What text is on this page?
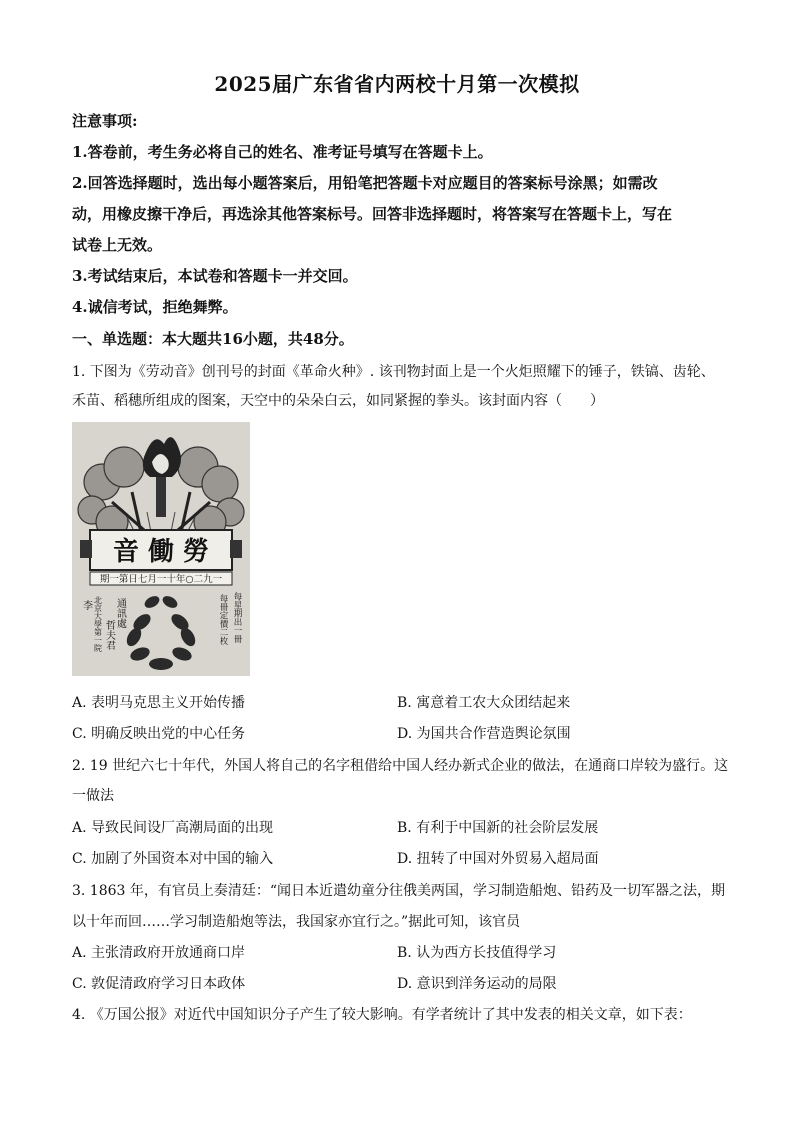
2025届广东省省内两校十月第一次模拟
注意事项:
1.答卷前，考生务必将自己的姓名、准考证号填写在答题卡上。
2.回答选择题时，选出每小题答案后，用铅笔把答题卡对应题目的答案标号涂黑；如需改
动，用橡皮擦干净后，再选涂其他答案标号。回答非选择题时，将答案写在答题卡上，写在
试卷上无效。
3.考试结束后，本试卷和答题卡一并交回。
4.诚信考试，拒绝舞弊。
一、单选题：本大题共16小题，共48分。
1. 下图为《劳动音》创刊号的封面《革命火种》. 该刊物封面上是一个火炬照耀下的锤子，铁镐、齿轮、
禾苗、稻穗所组成的图案，天空中的朵朵白云，如同紧握的拳头。该封面内容（　　）
音 働 勞
期一第日七月一十年○二九一
李 通訊處
北京大學第一院 哲夫君	每星期出一冊
每冊定價二枚
A. 表明马克思主义开始传播	B. 寓意着工农大众团结起来
C. 明确反映出党的中心任务	D. 为国共合作营造舆论氛围
2. 19 世纪六七十年代，外国人将自己的名字租借给中国人经办新式企业的做法，在通商口岸较为盛行。这
一做法
A. 导致民间设厂高潮局面的出现	B. 有利于中国新的社会阶层发展
C. 加剧了外国资本对中国的输入	D. 扭转了中国对外贸易入超局面
3. 1863 年，有官员上奏清廷：“闻日本近遣幼童分往俄美两国，学习制造船炮、铅药及一切军器之法，期
以十年而回……学习制造船炮等法，我国家亦宜行之。”据此可知，该官员
A. 主张清政府开放通商口岸	B. 认为西方长技值得学习
C. 敦促清政府学习日本政体	D. 意识到洋务运动的局限
4. 《万国公报》对近代中国知识分子产生了较大影响。有学者统计了其中发表的相关文章，如下表：
